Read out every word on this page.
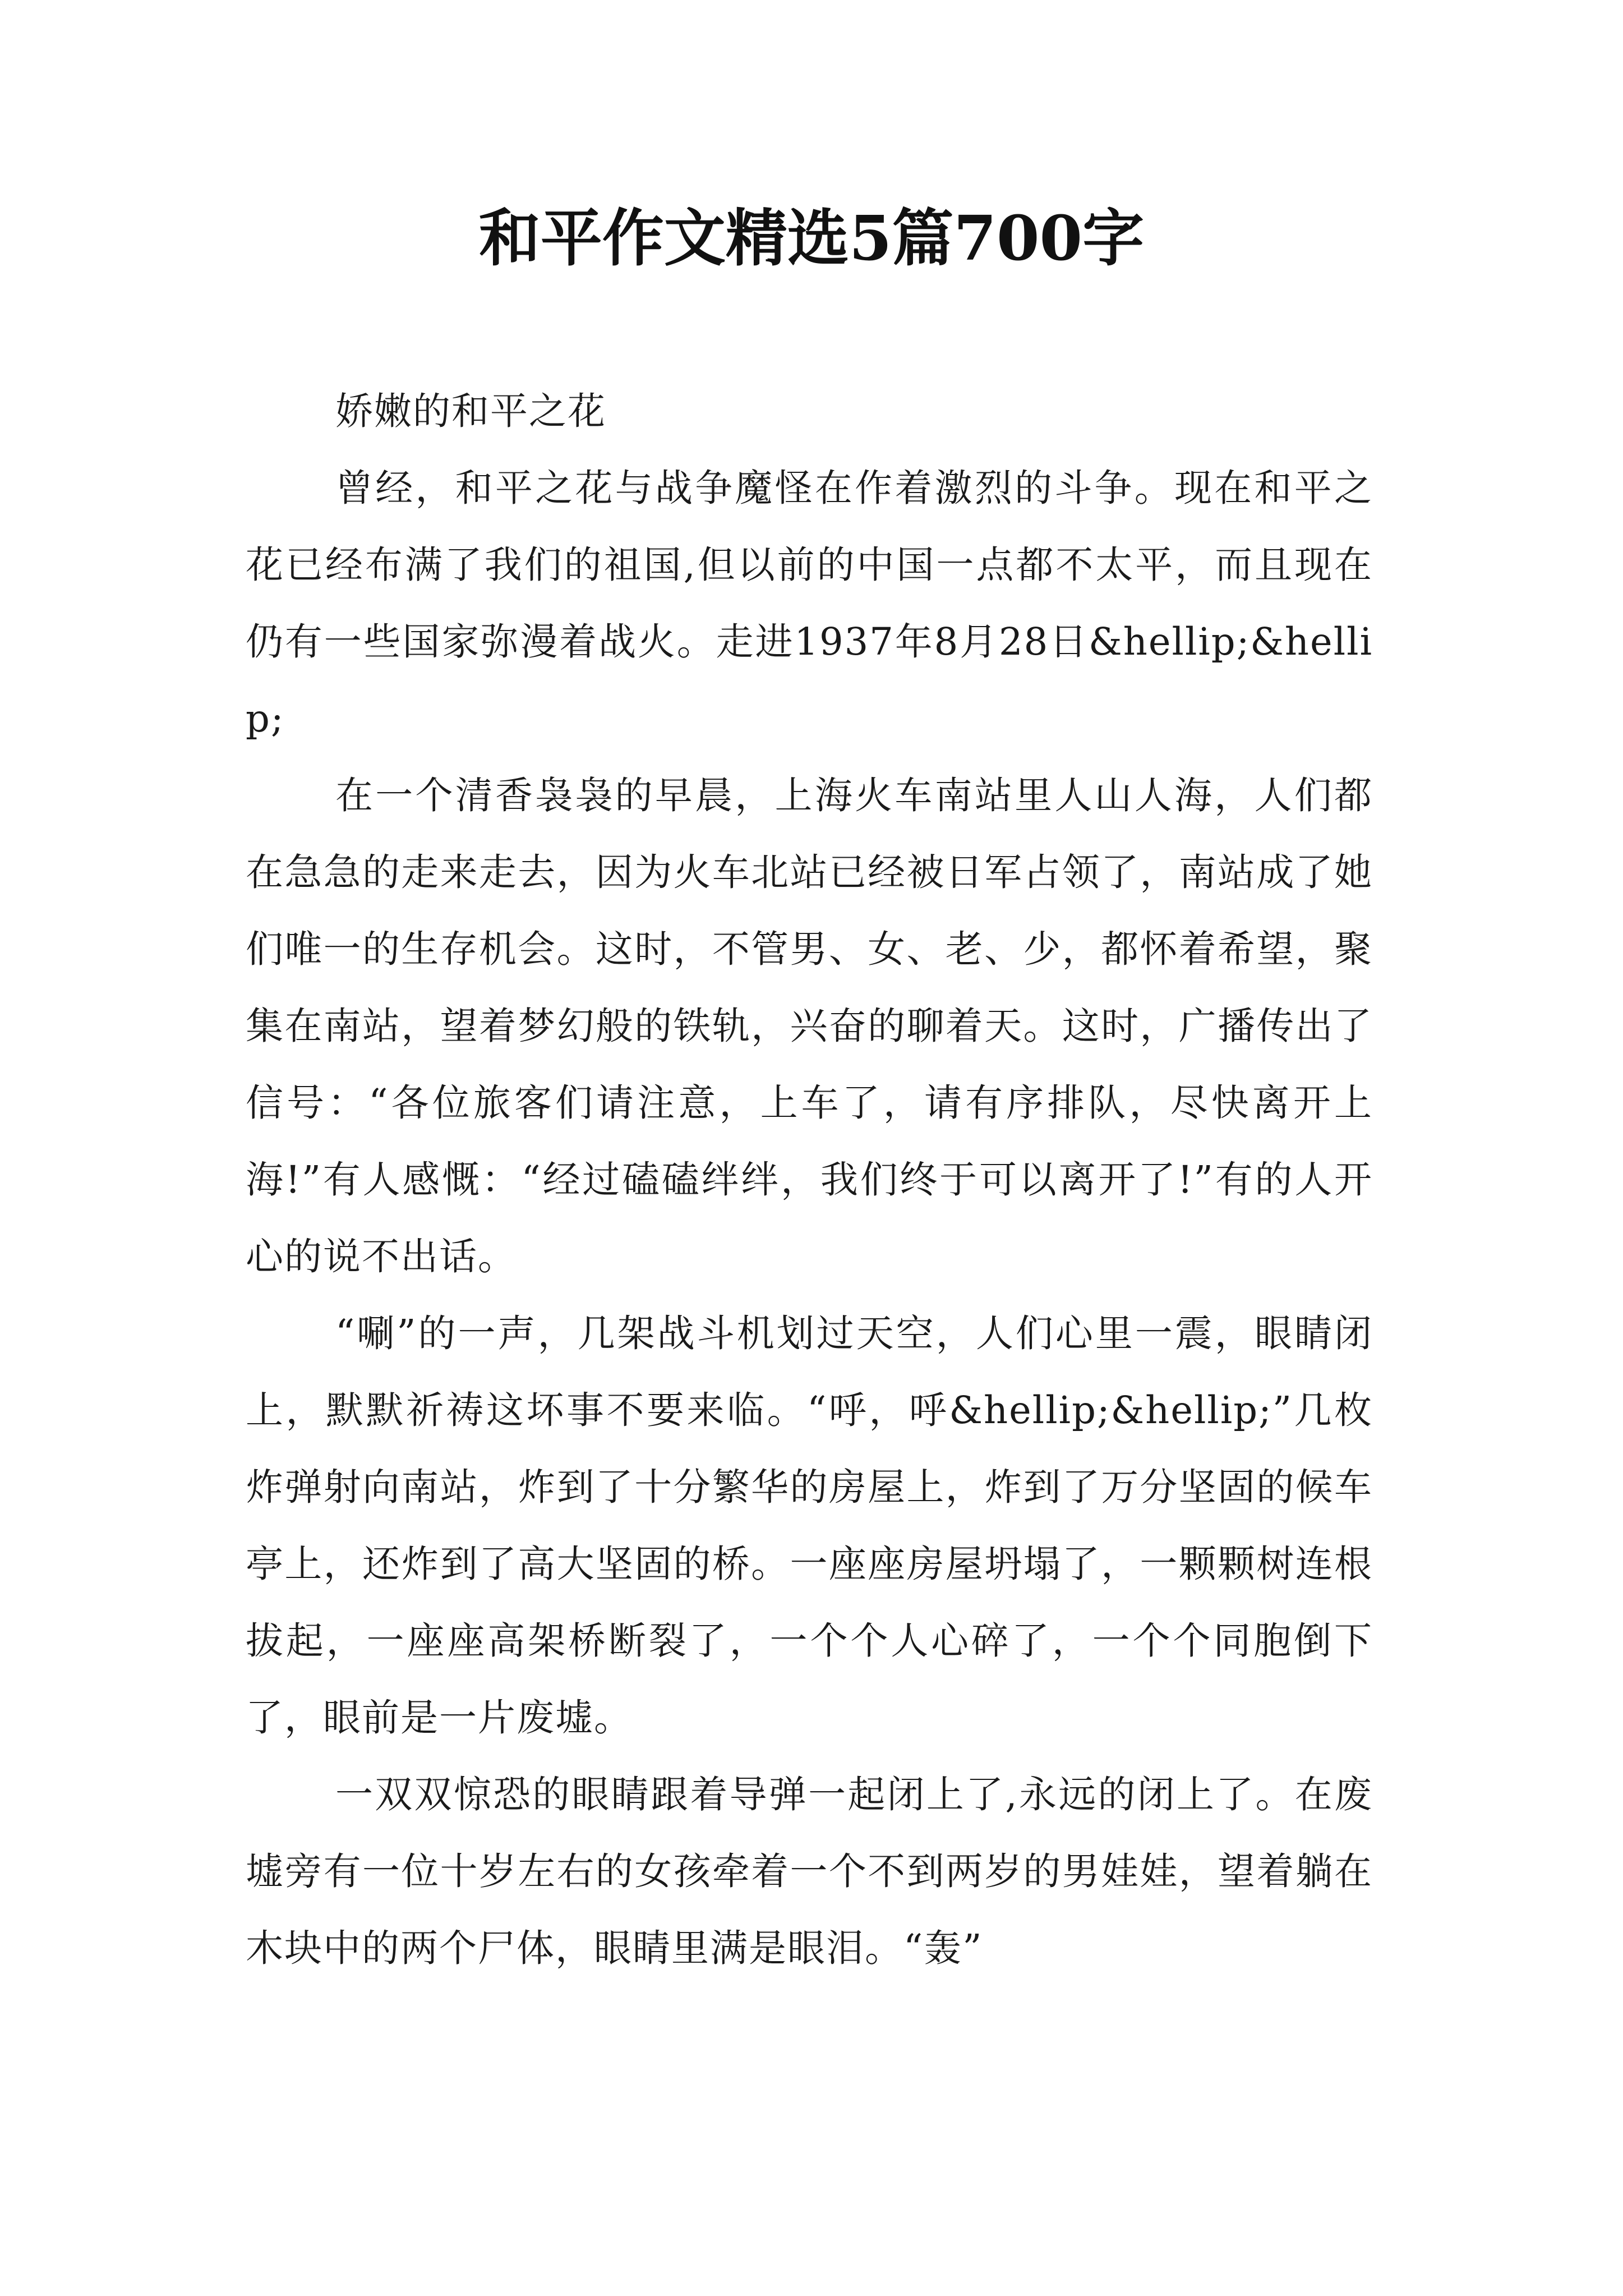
和平作文精选5篇700字

娇嫩的和平之花

曾经，和平之花与战争魔怪在作着激烈的斗争。现在和平之花已经布满了我们的祖国,但以前的中国一点都不太平，而且现在仍有一些国家弥漫着战火。走进1937年8月28日&hellip;&hellip;

在一个清香袅袅的早晨，上海火车南站里人山人海，人们都在急急的走来走去，因为火车北站已经被日军占领了，南站成了她们唯一的生存机会。这时，不管男、女、老、少，都怀着希望，聚集在南站，望着梦幻般的铁轨，兴奋的聊着天。这时，广播传出了信号：“各位旅客们请注意，上车了，请有序排队，尽快离开上海!”有人感慨：“经过磕磕绊绊，我们终于可以离开了!”有的人开心的说不出话。

“唰”的一声，几架战斗机划过天空，人们心里一震，眼睛闭上，默默祈祷这坏事不要来临。“呼，呼&hellip;&hellip;”几枚炸弹射向南站，炸到了十分繁华的房屋上，炸到了万分坚固的候车亭上，还炸到了高大坚固的桥。一座座房屋坍塌了，一颗颗树连根拔起，一座座高架桥断裂了，一个个人心碎了，一个个同胞倒下了，眼前是一片废墟。

一双双惊恐的眼睛跟着导弹一起闭上了,永远的闭上了。在废墟旁有一位十岁左右的女孩牵着一个不到两岁的男娃娃，望着躺在木块中的两个尸体，眼睛里满是眼泪。“轰”
